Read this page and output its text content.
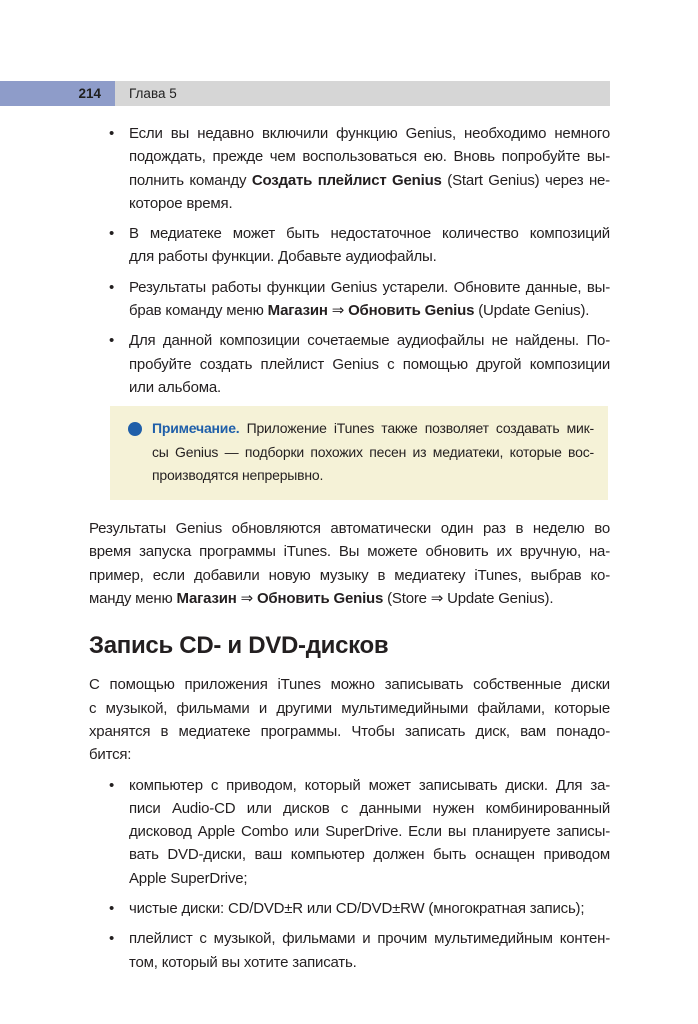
214	Глава 5
• Если вы недавно включили функцию Genius, необходимо немного
подождать, прежде чем воспользоваться ею. Вновь попробуйте вы-
полнить команду Создать плейлист Genius (Start Genius) через не-
которое время.
• В медиатеке может быть недостаточное количество композиций
для работы функции. Добавьте аудиофайлы.
• Результаты работы функции Genius устарели. Обновите данные, вы-
брав команду меню Магазин ⇒ Обновить Genius (Update Genius).
• Для данной композиции сочетаемые аудиофайлы не найдены. По-
пробуйте создать плейлист Genius с помощью другой композиции
или альбома.
Примечание. Приложение iTunes также позволяет создавать мик-
сы Genius — подборки похожих песен из медиатеки, которые вос-
производятся непрерывно.
Результаты Genius обновляются автоматически один раз в неделю во
время запуска программы iTunes. Вы можете обновить их вручную, на-
пример, если добавили новую музыку в медиатеку iTunes, выбрав ко-
манду меню Магазин ⇒ Обновить Genius (Store ⇒ Update Genius).
Запись CD- и DVD-дисков
С помощью приложения iTunes можно записывать собственные диски
с музыкой, фильмами и другими мультимедийными файлами, которые
хранятся в медиатеке программы. Чтобы записать диск, вам понадо-
бится:
• компьютер с приводом, который может записывать диски. Для за-
писи Audio-CD или дисков с данными нужен комбинированный
дисковод Apple Combo или SuperDrive. Если вы планируете записы-
вать DVD-диски, ваш компьютер должен быть оснащен приводом
Apple SuperDrive;
• чистые диски: CD/DVD±R или CD/DVD±RW (многократная запись);
• плейлист с музыкой, фильмами и прочим мультимедийным контен-
том, который вы хотите записать.
